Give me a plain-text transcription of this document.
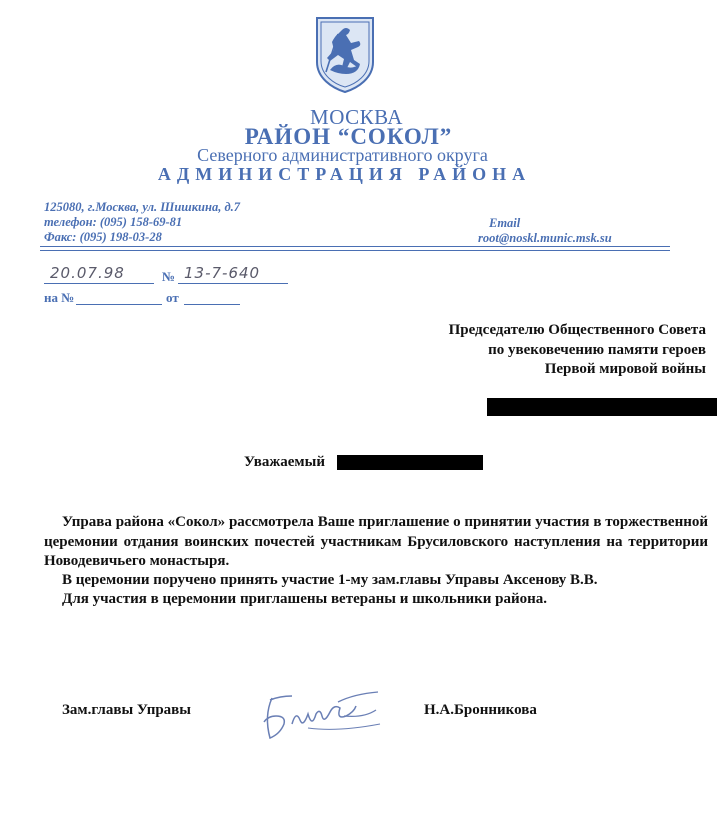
МОСКВА
РАЙОН “СОКОЛ”
Северного административного округа
АДМИНИСТРАЦИЯ РАЙОНА
125080, г.Москва, ул. Шишкина, д.7
телефон: (095) 158-69-81
Факс: (095) 198-03-28
Email
root@noskl.munic.msk.su
20.07.98	№ 13-7-640
на №	от
Председателю Общественного Совета
по увековечению памяти героев
Первой мировой войны
Уважаемый
Управа района «Сокол» рассмотрела Ваше приглашение о принятии участия в торжественной церемонии отдания воинских почестей участникам Брусиловского наступления на территории Новодевичьего монастыря.
В церемонии поручено принять участие 1-му зам.главы Управы Аксенову В.В.
Для участия в церемонии приглашены ветераны и школьники района.
Зам.главы Управы	Н.А.Бронникова
